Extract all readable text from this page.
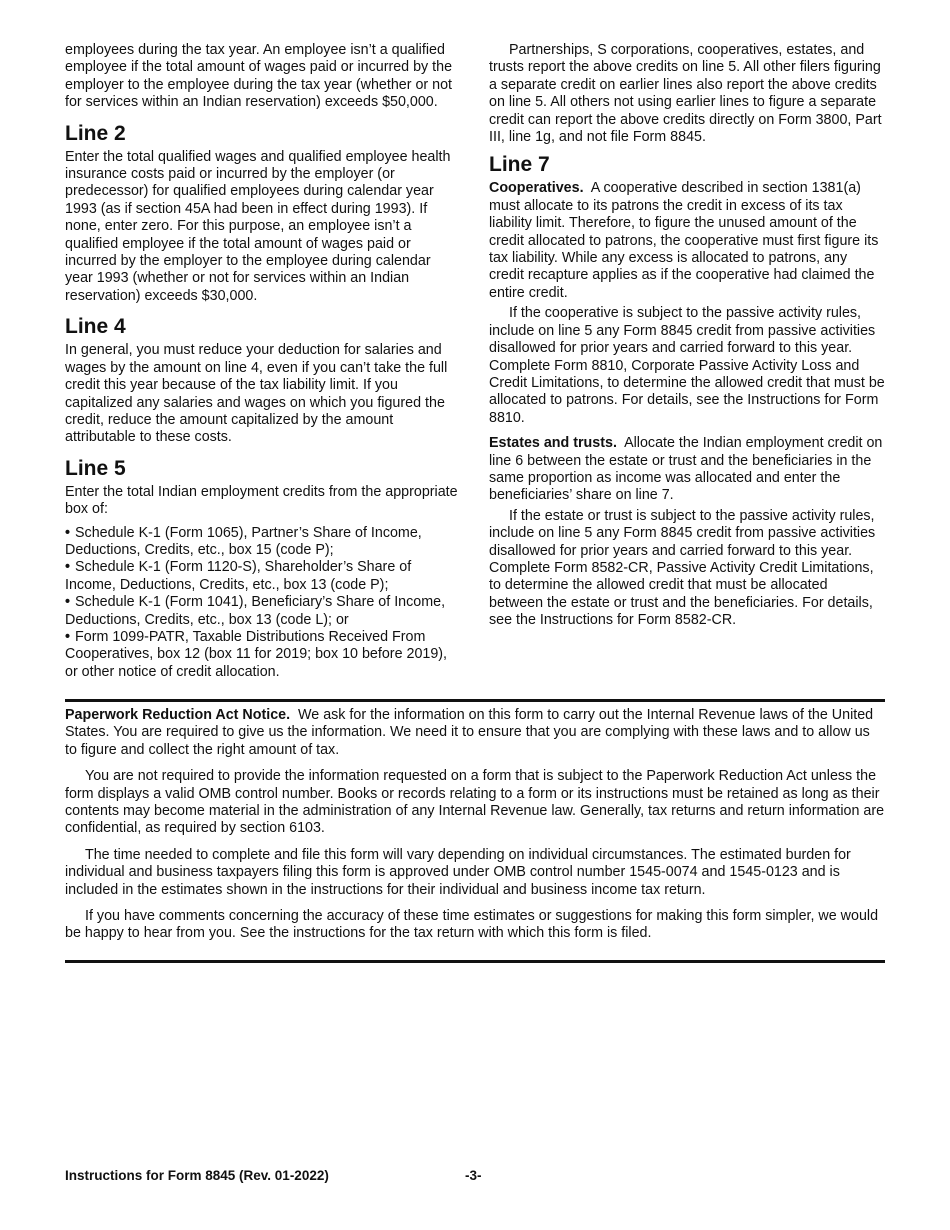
employees during the tax year. An employee isn’t a qualified employee if the total amount of wages paid or incurred by the employer to the employee during the tax year (whether or not for services within an Indian reservation) exceeds $50,000.

Line 2

Enter the total qualified wages and qualified employee health insurance costs paid or incurred by the employer (or predecessor) for qualified employees during calendar year 1993 (as if section 45A had been in effect during 1993). If none, enter zero. For this purpose, an employee isn’t a qualified employee if the total amount of wages paid or incurred by the employer to the employee during calendar year 1993 (whether or not for services within an Indian reservation) exceeds $30,000.

Line 4

In general, you must reduce your deduction for salaries and wages by the amount on line 4, even if you can’t take the full credit this year because of the tax liability limit. If you capitalized any salaries and wages on which you figured the credit, reduce the amount capitalized by the amount attributable to these costs.

Line 5

Enter the total Indian employment credits from the appropriate box of:

• Schedule K-1 (Form 1065), Partner’s Share of Income, Deductions, Credits, etc., box 15 (code P);

• Schedule K-1 (Form 1120-S), Shareholder’s Share of Income, Deductions, Credits, etc., box 13 (code P);

• Schedule K-1 (Form 1041), Beneficiary’s Share of Income, Deductions, Credits, etc., box 13 (code L); or

• Form 1099-PATR, Taxable Distributions Received From Cooperatives, box 12 (box 11 for 2019; box 10 before 2019), or other notice of credit allocation.

Partnerships, S corporations, cooperatives, estates, and trusts report the above credits on line 5. All other filers figuring a separate credit on earlier lines also report the above credits on line 5. All others not using earlier lines to figure a separate credit can report the above credits directly on Form 3800, Part III, line 1g, and not file Form 8845.

Line 7

Cooperatives. A cooperative described in section 1381(a) must allocate to its patrons the credit in excess of its tax liability limit. Therefore, to figure the unused amount of the credit allocated to patrons, the cooperative must first figure its tax liability. While any excess is allocated to patrons, any credit recapture applies as if the cooperative had claimed the entire credit.

If the cooperative is subject to the passive activity rules, include on line 5 any Form 8845 credit from passive activities disallowed for prior years and carried forward to this year. Complete Form 8810, Corporate Passive Activity Loss and Credit Limitations, to determine the allowed credit that must be allocated to patrons. For details, see the Instructions for Form 8810.

Estates and trusts. Allocate the Indian employment credit on line 6 between the estate or trust and the beneficiaries in the same proportion as income was allocated and enter the beneficiaries’ share on line 7.

If the estate or trust is subject to the passive activity rules, include on line 5 any Form 8845 credit from passive activities disallowed for prior years and carried forward to this year. Complete Form 8582-CR, Passive Activity Credit Limitations, to determine the allowed credit that must be allocated between the estate or trust and the beneficiaries. For details, see the Instructions for Form 8582-CR.

Paperwork Reduction Act Notice. We ask for the information on this form to carry out the Internal Revenue laws of the United States. You are required to give us the information. We need it to ensure that you are complying with these laws and to allow us to figure and collect the right amount of tax.

You are not required to provide the information requested on a form that is subject to the Paperwork Reduction Act unless the form displays a valid OMB control number. Books or records relating to a form or its instructions must be retained as long as their contents may become material in the administration of any Internal Revenue law. Generally, tax returns and return information are confidential, as required by section 6103.

The time needed to complete and file this form will vary depending on individual circumstances. The estimated burden for individual and business taxpayers filing this form is approved under OMB control number 1545-0074 and 1545-0123 and is included in the estimates shown in the instructions for their individual and business income tax return.

If you have comments concerning the accuracy of these time estimates or suggestions for making this form simpler, we would be happy to hear from you. See the instructions for the tax return with which this form is filed.

Instructions for Form 8845 (Rev. 01-2022)	-3-
